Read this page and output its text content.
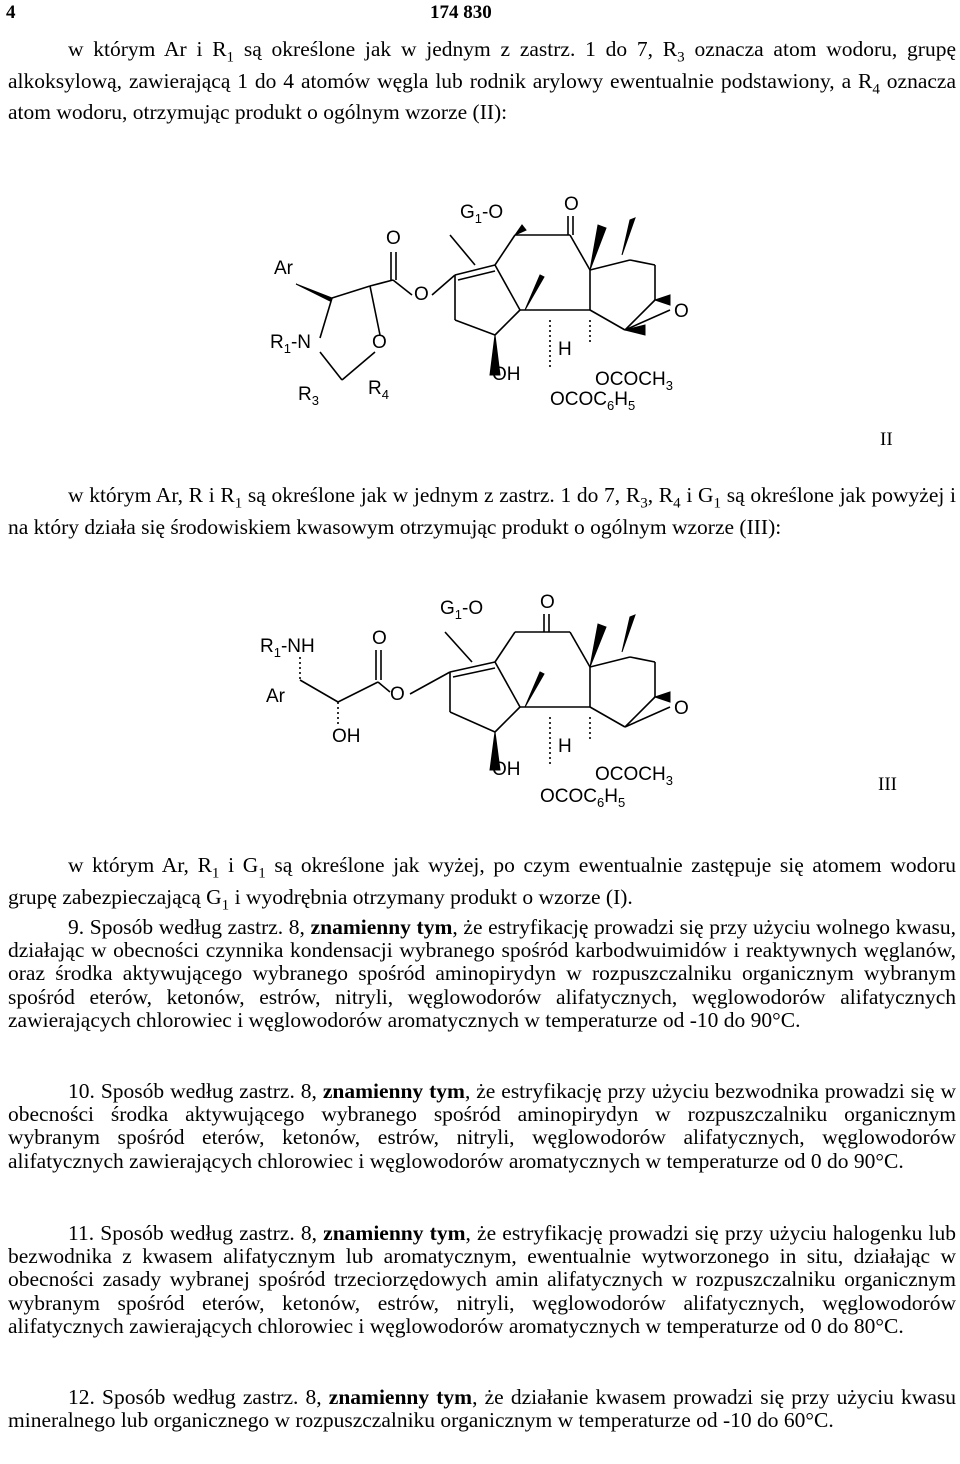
4	174 830

w którym Ar i $R_1$ są określone jak w jednym z zastrz. 1 do 7, $R_3$ oznacza atom wodoru, grupę alkoksylową, zawierającą 1 do 4 atomów węgla lub rodnik arylowy ewentualnie podstawiony, a $R_4$ oznacza atom wodoru, otrzymując produkt o ogólnym wzorze (II):

Ar
$R_1-N$	O
$R_3$
$R_4$
O
O
$G_1-O$	O
O
OH
H
$OCOCH_3$
$OCOC_6H_5$
II

w którym Ar, R i $R_1$ są określone jak w jednym z zastrz. 1 do 7, $R_3$, $R_4$ i $G_1$ są określone jak powyżej i na który działa się środowiskiem kwasowym otrzymując produkt o ogólnym wzorze (III):

$R_1-NH$
Ar
OH
O
O
$G_1-O$	O
O
OH
H
$OCOCH_3$
$OCOC_6H_5$
III

w którym Ar, $R_1$ i $G_1$ są określone jak wyżej, po czym ewentualnie zastępuje się atomem wodoru grupę zabezpieczającą $G_1$ i wyodrębnia otrzymany produkt o wzorze (I).

9. Sposób według zastrz. 8, znamienny tym, że estryfikację prowadzi się przy użyciu wolnego kwasu, działając w obecności czynnika kondensacji wybranego spośród karbodwuimidów i reaktywnych węglanów, oraz środka aktywującego wybranego spośród aminopirydyn w rozpuszczalniku organicznym wybranym spośród eterów, ketonów, estrów, nitryli, węglowodorów alifatycznych, węglowodorów alifatycznych zawierających chlorowiec i węglowodorów aromatycznych w temperaturze od -10 do 90°C.

10. Sposób według zastrz. 8, znamienny tym, że estryfikację przy użyciu bezwodnika prowadzi się w obecności środka aktywującego wybranego spośród aminopirydyn w rozpuszczalniku organicznym wybranym spośród eterów, ketonów, estrów, nitryli, węglowodorów alifatycznych, węglowodorów alifatycznych zawierających chlorowiec i węglowodorów aromatycznych w temperaturze od 0 do 90°C.

11. Sposób według zastrz. 8, znamienny tym, że estryfikację prowadzi się przy użyciu halogenku lub bezwodnika z kwasem alifatycznym lub aromatycznym, ewentualnie wytworzonego in situ, działając w obecności zasady wybranej spośród trzeciorzędowych amin alifatycznych w rozpuszczalniku organicznym wybranym spośród eterów, ketonów, estrów, nitryli, węglowodorów alifatycznych, węglowodorów alifatycznych zawierających chlorowiec i węglowodorów aromatycznych w temperaturze od 0 do 80°C.

12. Sposób według zastrz. 8, znamienny tym, że działanie kwasem prowadzi się przy użyciu kwasu mineralnego lub organicznego w rozpuszczalniku organicznym w temperaturze od -10 do 60°C.
